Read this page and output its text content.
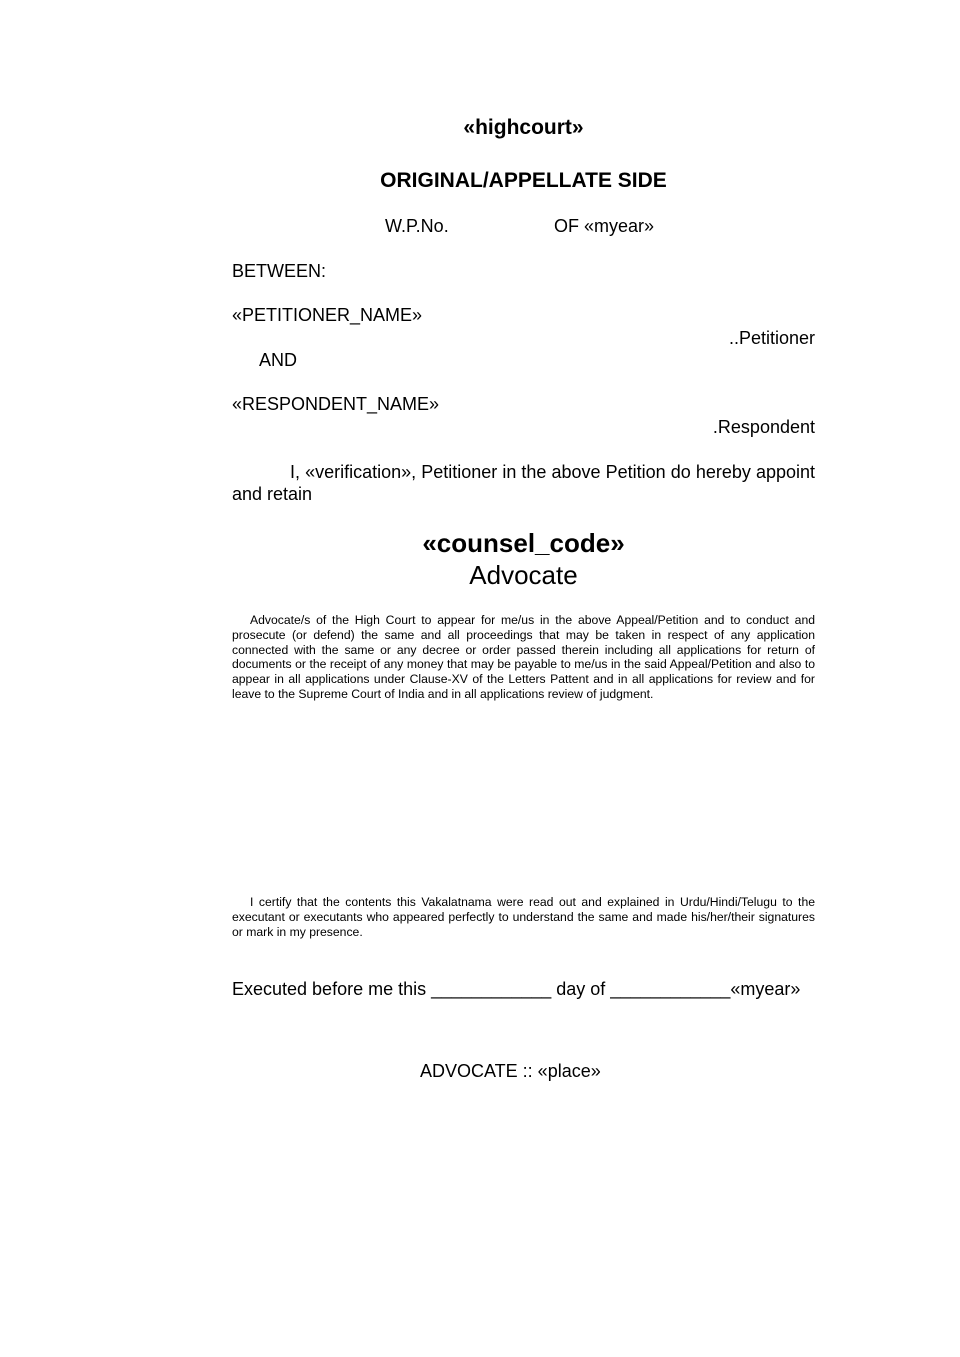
«highcourt»
ORIGINAL/APPELLATE SIDE
W.P.No.	OF «myear»
BETWEEN:
«PETITIONER_NAME»
..Petitioner
AND
«RESPONDENT_NAME»
.Respondent
I, «verification», Petitioner in the above Petition do hereby appoint and retain
«counsel_code»
Advocate
Advocate/s of the High Court to appear for me/us in the above Appeal/Petition and to conduct and prosecute (or defend) the same and all proceedings that may be taken in respect of any application connected with the same or any decree or order passed therein including all applications for return of documents or the receipt of any money that may be payable to me/us in the said Appeal/Petition and also to appear in all applications under Clause-XV of the Letters Pattent and in all applications for review and for leave to the Supreme Court of India and in all applications review of judgment.
I certify that the contents this Vakalatnama were read out and explained in Urdu/Hindi/Telugu to the executant or executants who appeared perfectly to understand the same and made his/her/their signatures or mark in my presence.
Executed before me this ____________ day of ____________«myear»
ADVOCATE :: «place»
